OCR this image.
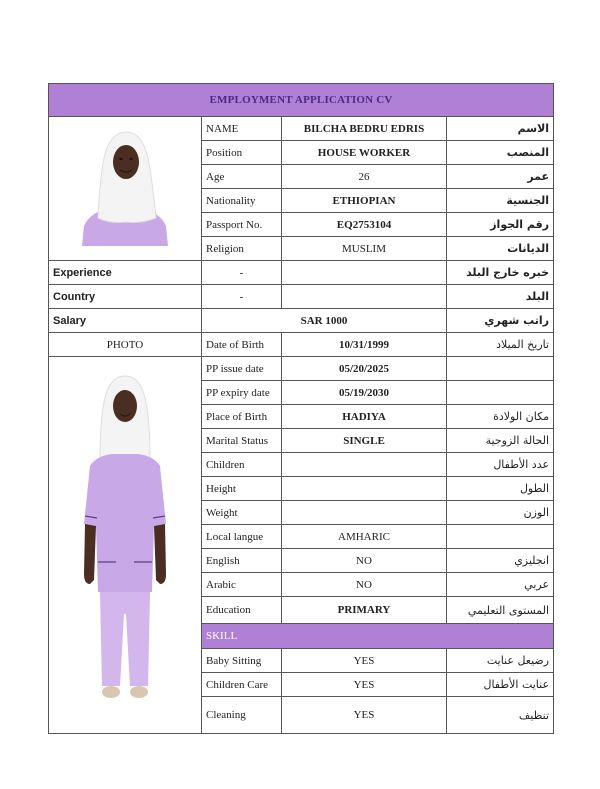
EMPLOYMENT APPLICATION CV			
	NAME	BILCHA BEDRU EDRIS	الاسم
	Position	HOUSE WORKER	المنصب
	Age	26	عمر
	Nationality	ETHIOPIAN	الجنسية
	Passport No.	EQ2753104	رقم الجواز
	Religion	MUSLIM	الديانات
Experience	-		خبره خارج البلد
Country	-		البلد
Salary	SAR 1000		راتب شهري
PHOTO	Date of Birth	10/31/1999	تاريخ الميلاد
	PP issue date	05/20/2025	
	PP expiry date	05/19/2030	
	Place of Birth	HADIYA	مكان الولادة
	Marital Status	SINGLE	الحالة الزوجية
	Children		عدد الأطفال
	Height		الطول
	Weight		الوزن
	Local langue	AMHARIC	
	English	NO	انجليزي
	Arabic	NO	عربي
	Education	PRIMARY	المستوى التعليمي
	SKILL		
	Baby Sitting	YES	رضيعل عنايت
	Children Care	YES	عنايت الأطفال
	Cleaning	YES	تنظيف
